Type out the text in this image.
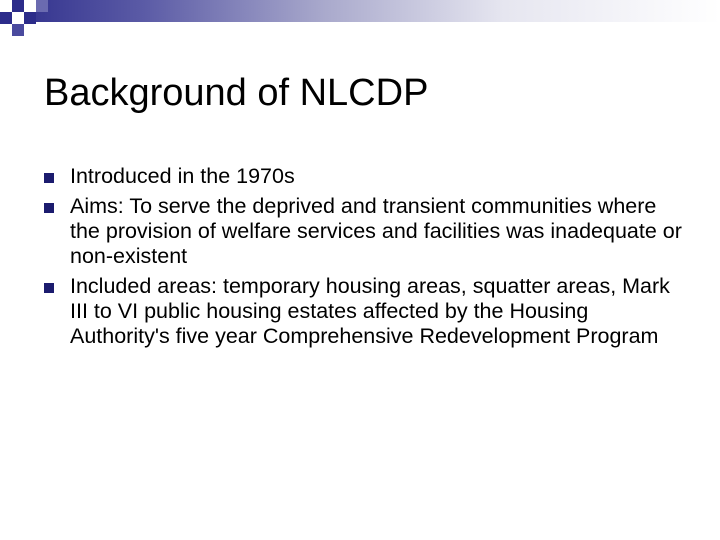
Background of NLCDP
Introduced in the 1970s
Aims: To serve the deprived and transient communities where the provision of welfare services and facilities was inadequate or non-existent
Included areas: temporary housing areas, squatter areas, Mark III to VI public housing estates affected by the Housing Authority's five year Comprehensive Redevelopment Program
